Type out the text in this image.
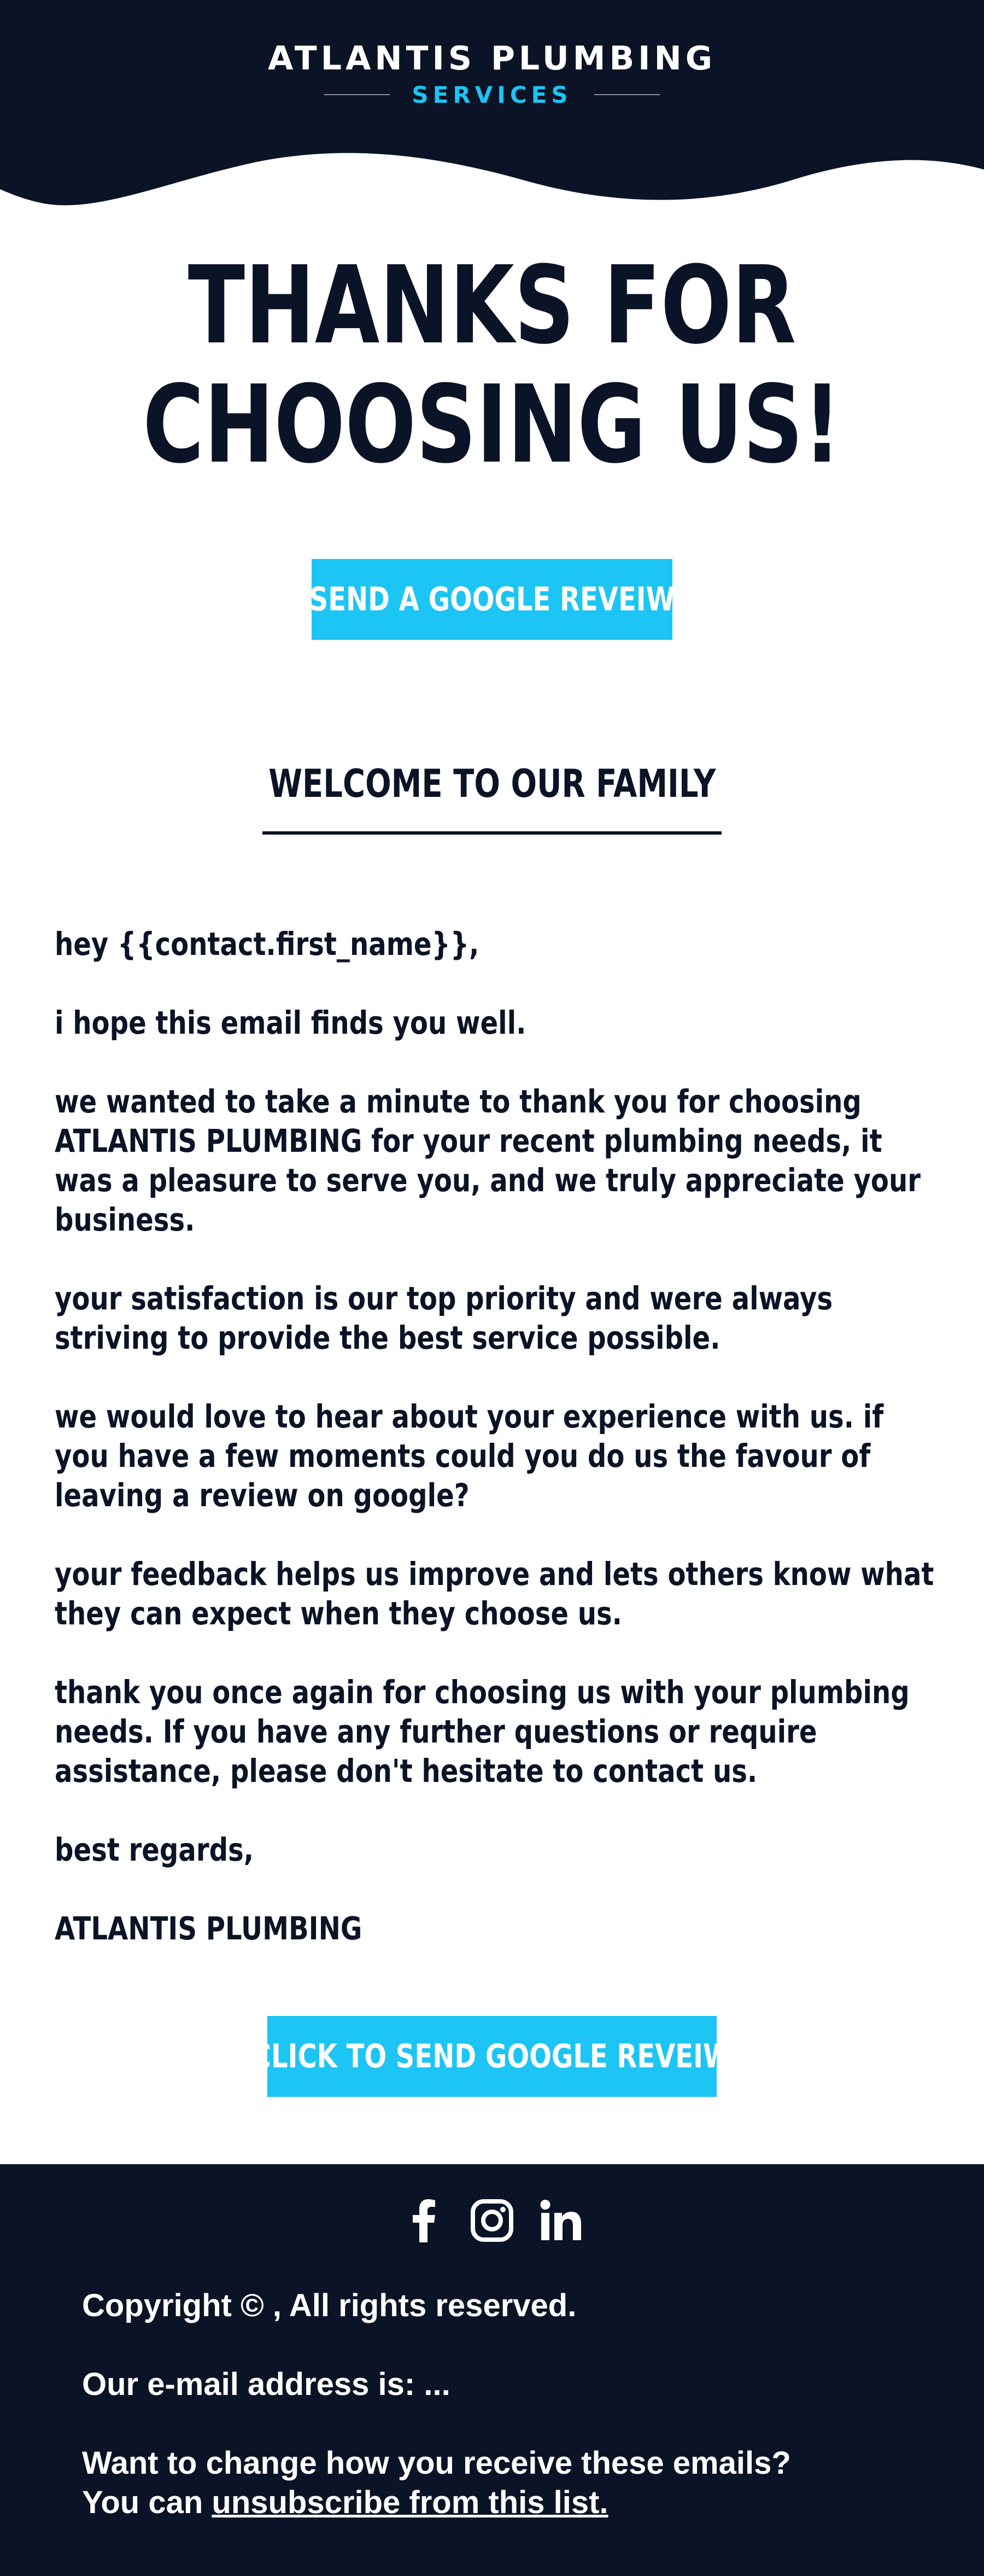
ATLANTIS PLUMBING
SERVICES
THANKS FOR
CHOOSING US!
SEND A GOOGLE REVEIW
WELCOME TO OUR FAMILY

hey {{contact.first_name}},

i hope this email finds you well.

we wanted to take a minute to thank you for choosing ATLANTIS PLUMBING for your recent plumbing needs, it was a pleasure to serve you, and we truly appreciate your business.

your satisfaction is our top priority and were always striving to provide the best service possible.

we would love to hear about your experience with us. if you have a few moments could you do us the favour of leaving a review on google?

your feedback helps us improve and lets others know what they can expect when they choose us.

thank you once again for choosing us with your plumbing needs. If you have any further questions or require assistance, please don't hesitate to contact us.

best regards,

ATLANTIS PLUMBING

CLICK TO SEND GOOGLE REVEIW
Copyright © , All rights reserved.
Our e-mail address is: ...
Want to change how you receive these emails?
You can unsubscribe from this list.
